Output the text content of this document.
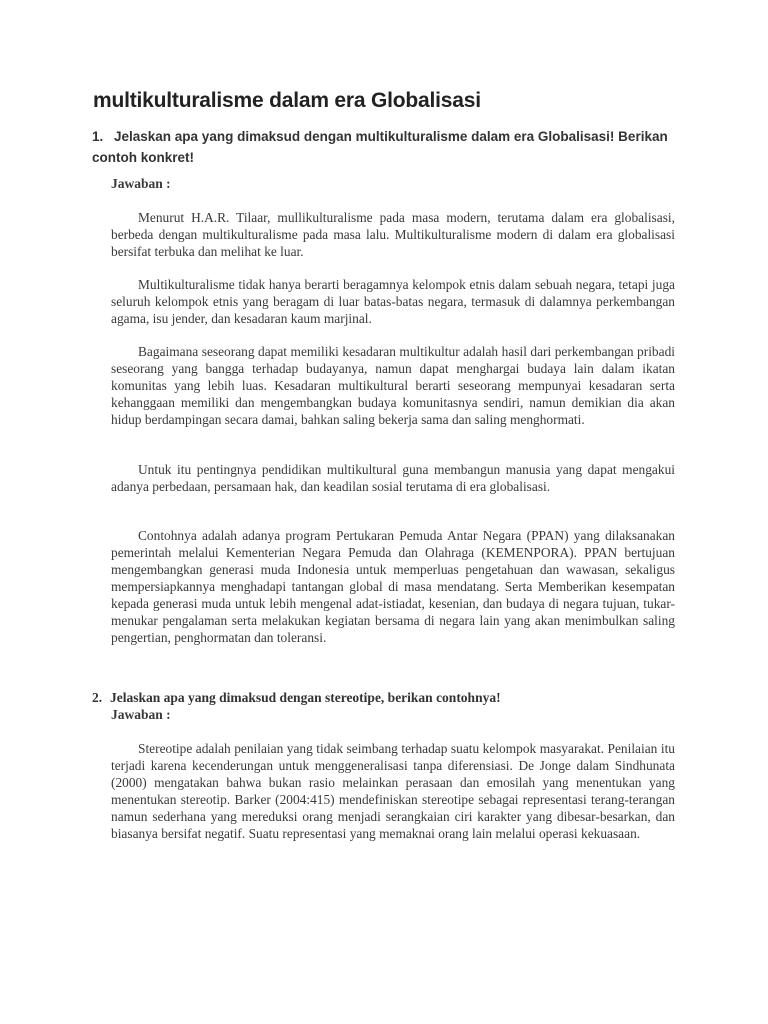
multikulturalisme dalam era Globalisasi
1. Jelaskan apa yang dimaksud dengan multikulturalisme dalam era Globalisasi! Berikan contoh konkret!
Jawaban :

Menurut H.A.R. Tilaar, mullikulturalisme pada masa modern, terutama dalam era globalisasi, berbeda dengan multikulturalisme pada masa lalu. Multikulturalisme modern di dalam era globalisasi bersifat terbuka dan melihat ke luar.

Multikulturalisme tidak hanya berarti beragamnya kelompok etnis dalam sebuah negara, tetapi juga seluruh kelompok etnis yang beragam di luar batas-batas negara, termasuk di dalamnya perkembangan agama, isu jender, dan kesadaran kaum marjinal.

Bagaimana seseorang dapat memiliki kesadaran multikultur adalah hasil dari perkembangan pribadi seseorang yang bangga terhadap budayanya, namun dapat menghargai budaya lain dalam ikatan komunitas yang lebih luas. Kesadaran multikultural berarti seseorang mempunyai kesadaran serta kehanggaan memiliki dan mengembangkan budaya komunitasnya sendiri, namun demikian dia akan hidup berdampingan secara damai, bahkan saling bekerja sama dan saling menghormati.

Untuk itu pentingnya pendidikan multikultural guna membangun manusia yang dapat mengakui adanya perbedaan, persamaan hak, dan keadilan sosial terutama di era globalisasi.

Contohnya adalah adanya program Pertukaran Pemuda Antar Negara (PPAN) yang dilaksanakan pemerintah melalui Kementerian Negara Pemuda dan Olahraga (KEMENPORA). PPAN bertujuan mengembangkan generasi muda Indonesia untuk memperluas pengetahuan dan wawasan, sekaligus mempersiapkannya menghadapi tantangan global di masa mendatang. Serta Memberikan kesempatan kepada generasi muda untuk lebih mengenal adat-istiadat, kesenian, dan budaya di negara tujuan, tukar-menukar pengalaman serta melakukan kegiatan bersama di negara lain yang akan menimbulkan saling pengertian, penghormatan dan toleransi.

2. Jelaskan apa yang dimaksud dengan stereotipe, berikan contohnya!
Jawaban :

Stereotipe adalah penilaian yang tidak seimbang terhadap suatu kelompok masyarakat. Penilaian itu terjadi karena kecenderungan untuk menggeneralisasi tanpa diferensiasi. De Jonge dalam Sindhunata (2000) mengatakan bahwa bukan rasio melainkan perasaan dan emosilah yang menentukan yang menentukan stereotip. Barker (2004:415) mendefiniskan stereotipe sebagai representasi terang-terangan namun sederhana yang mereduksi orang menjadi serangkaian ciri karakter yang dibesar-besarkan, dan biasanya bersifat negatif. Suatu representasi yang memaknai orang lain melalui operasi kekuasaan.
